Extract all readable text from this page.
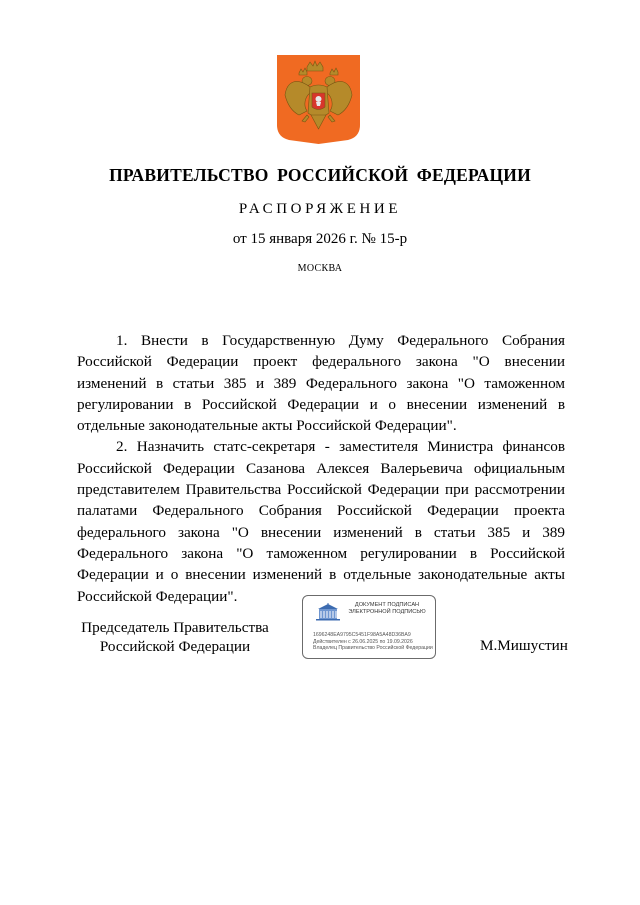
ПРАВИТЕЛЬСТВО РОССИЙСКОЙ ФЕДЕРАЦИИ
РАСПОРЯЖЕНИЕ
от 15 января 2026 г. № 15-р
МОСКВА

1. Внести в Государственную Думу Федерального Собрания Российской Федерации проект федерального закона "О внесении изменений в статьи 385 и 389 Федерального закона "О таможенном регулировании в Российской Федерации и о внесении изменений в отдельные законодательные акты Российской Федерации".

2. Назначить статс-секретаря - заместителя Министра финансов Российской Федерации Сазанова Алексея Валерьевича официальным представителем Правительства Российской Федерации при рассмотрении палатами Федерального Собрания Российской Федерации проекта федерального закона "О внесении изменений в статьи 385 и 389 Федерального закона "О таможенном регулировании в Российской Федерации и о внесении изменений в отдельные законодательные акты Российской Федерации".

Председатель Правительства
Российской Федерации
ДОКУМЕНТ ПОДПИСАН
ЭЛЕКТРОННОЙ ПОДПИСЬЮ
1696248EA9795C5451F98A5A48D36BA9
Действителен с 26.06.2025 по 19.09.2026
Владелец Правительство Российской Федерации	М.Мишустин
